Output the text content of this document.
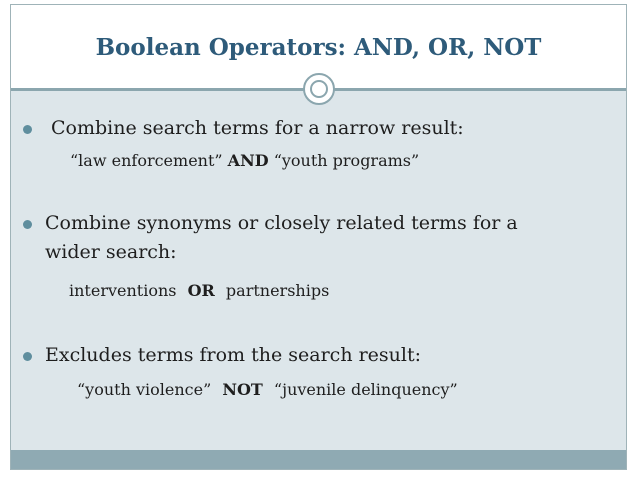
Boolean Operators: AND, OR, NOT
Combine search terms for a narrow result:
“law enforcement” AND “youth programs”
Combine synonyms or closely related terms for a
wider search:
interventions OR partnerships
Excludes terms from the search result:
“youth violence” NOT “juvenile delinquency”
